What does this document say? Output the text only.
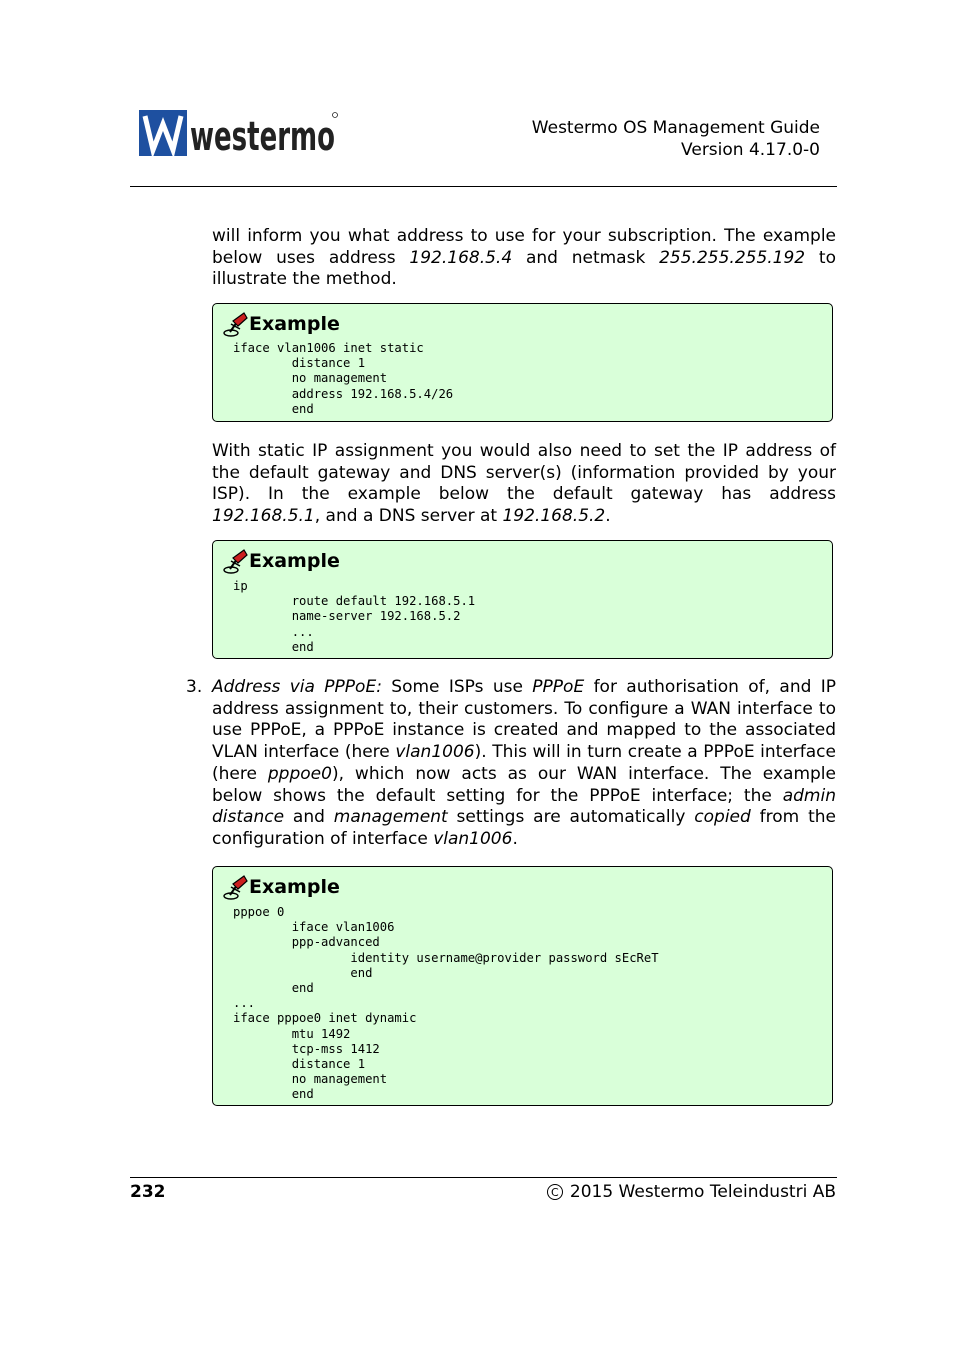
westermo	Westermo OS Management Guide
Version 4.17.0-0
will inform you what address to use for your subscription. The example below uses address 192.168.5.4 and netmask 255.255.255.192 to illustrate the method.
Example
iface vlan1006 inet static
distance 1
no management
address 192.168.5.4/26
end
With static IP assignment you would also need to set the IP address of the default gateway and DNS server(s) (information provided by your ISP). In the example below the default gateway has address 192.168.5.1, and a DNS server at 192.168.5.2.
Example
ip
route default 192.168.5.1
name-server 192.168.5.2
...
end
3. Address via PPPoE: Some ISPs use PPPoE for authorisation of, and IP address assignment to, their customers. To configure a WAN interface to use PPPoE, a PPPoE instance is created and mapped to the associated VLAN interface (here vlan1006). This will in turn create a PPPoE interface (here pppoe0), which now acts as our WAN interface. The example below shows the default setting for the PPPoE interface; the admin distance and management settings are automatically copied from the configuration of interface vlan1006.
Example
pppoe 0
iface vlan1006
ppp-advanced
identity username@provider password sEcReT
end
end
...
iface pppoe0 inet dynamic
mtu 1492
tcp-mss 1412
distance 1
no management
end
232	C 2015 Westermo Teleindustri AB
